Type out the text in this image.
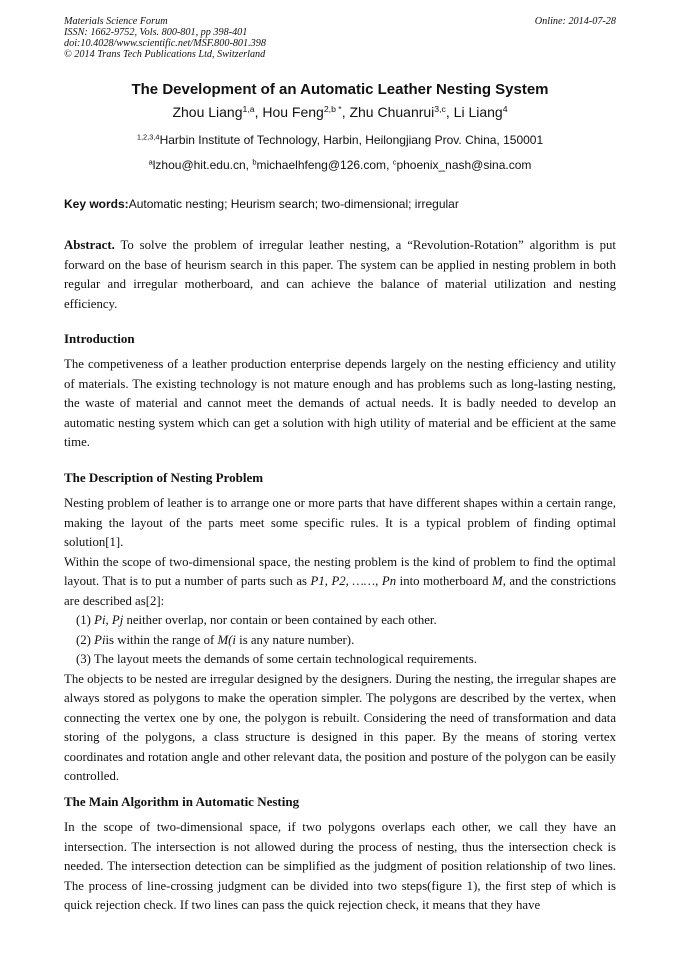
Materials Science Forum
ISSN: 1662-9752, Vols. 800-801, pp 398-401
doi:10.4028/www.scientific.net/MSF.800-801.398
© 2014 Trans Tech Publications Ltd, Switzerland
Online: 2014-07-28
The Development of an Automatic Leather Nesting System
Zhou Liang$^{1,a}$, Hou Feng$^{2,b *}$, Zhu Chuanrui$^{3,c}$, Li Liang$^4$
$^{1,2,3,4}$Harbin Institute of Technology, Harbin, Heilongjiang Prov. China, 150001
$^a$lzhou@hit.edu.cn, $^b$michaelhfeng@126.com, $^c$phoenix_nash@sina.com
Key words:Automatic nesting; Heurism search; two-dimensional; irregular
Abstract. To solve the problem of irregular leather nesting, a “Revolution-Rotation” algorithm is put forward on the base of heurism search in this paper. The system can be applied in nesting problem in both regular and irregular motherboard, and can achieve the balance of material utilization and nesting efficiency.
Introduction
The competiveness of a leather production enterprise depends largely on the nesting efficiency and utility of materials. The existing technology is not mature enough and has problems such as long-lasting nesting, the waste of material and cannot meet the demands of actual needs. It is badly needed to develop an automatic nesting system which can get a solution with high utility of material and be efficient at the same time.
The Description of Nesting Problem

Nesting problem of leather is to arrange one or more parts that have different shapes within a certain range, making the layout of the parts meet some specific rules. It is a typical problem of finding optimal solution[1].

Within the scope of two-dimensional space, the nesting problem is the kind of problem to find the optimal layout. That is to put a number of parts such as P1, P2, ……, Pn into motherboard M, and the constrictions are described as[2]:

(1) Pi, Pj neither overlap, nor contain or been contained by each other.

(2) Piis within the range of M(i is any nature number).

(3) The layout meets the demands of some certain technological requirements.

The objects to be nested are irregular designed by the designers. During the nesting, the irregular shapes are always stored as polygons to make the operation simpler. The polygons are described by the vertex, when connecting the vertex one by one, the polygon is rebuilt. Considering the need of transformation and data storing of the polygons, a class structure is designed in this paper. By the means of storing vertex coordinates and rotation angle and other relevant data, the position and posture of the polygon can be easily controlled.

The Main Algorithm in Automatic Nesting
In the scope of two-dimensional space, if two polygons overlaps each other, we call they have an intersection. The intersection is not allowed during the process of nesting, thus the intersection check is needed. The intersection detection can be simplified as the judgment of position relationship of two lines. The process of line-crossing judgment can be divided into two steps(figure 1), the first step of which is quick rejection check. If two lines can pass the quick rejection check, it means that they have
